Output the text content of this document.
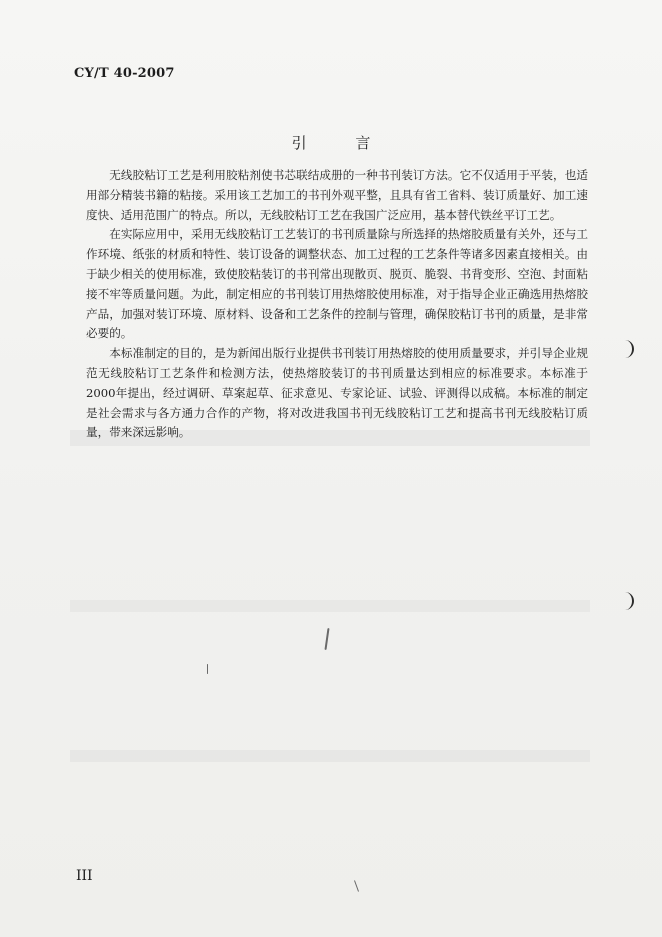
CY/T 40-2007
引 言

无线胶粘订工艺是利用胶粘剂使书芯联结成册的一种书刊装订方法。它不仅适用于平装，也适用部分精装书籍的粘接。采用该工艺加工的书刊外观平整，且具有省工省料、装订质量好、加工速度快、适用范围广的特点。所以，无线胶粘订工艺在我国广泛应用，基本替代铁丝平订工艺。

在实际应用中，采用无线胶粘订工艺装订的书刊质量除与所选择的热熔胶质量有关外，还与工作环境、纸张的材质和特性、装订设备的调整状态、加工过程的工艺条件等诸多因素直接相关。由于缺少相关的使用标准，致使胶粘装订的书刊常出现散页、脱页、脆裂、书背变形、空泡、封面粘接不牢等质量问题。为此，制定相应的书刊装订用热熔胶使用标准，对于指导企业正确选用热熔胶产品，加强对装订环境、原材料、设备和工艺条件的控制与管理，确保胶粘订书刊的质量，是非常必要的。

本标准制定的目的，是为新闻出版行业提供书刊装订用热熔胶的使用质量要求，并引导企业规范无线胶粘订工艺条件和检测方法，使热熔胶装订的书刊质量达到相应的标准要求。本标准于2000年提出，经过调研、草案起草、征求意见、专家论证、试验、评测得以成稿。本标准的制定是社会需求与各方通力合作的产物，将对改进我国书刊无线胶粘订工艺和提高书刊无线胶粘订质量，带来深远影响。

III
